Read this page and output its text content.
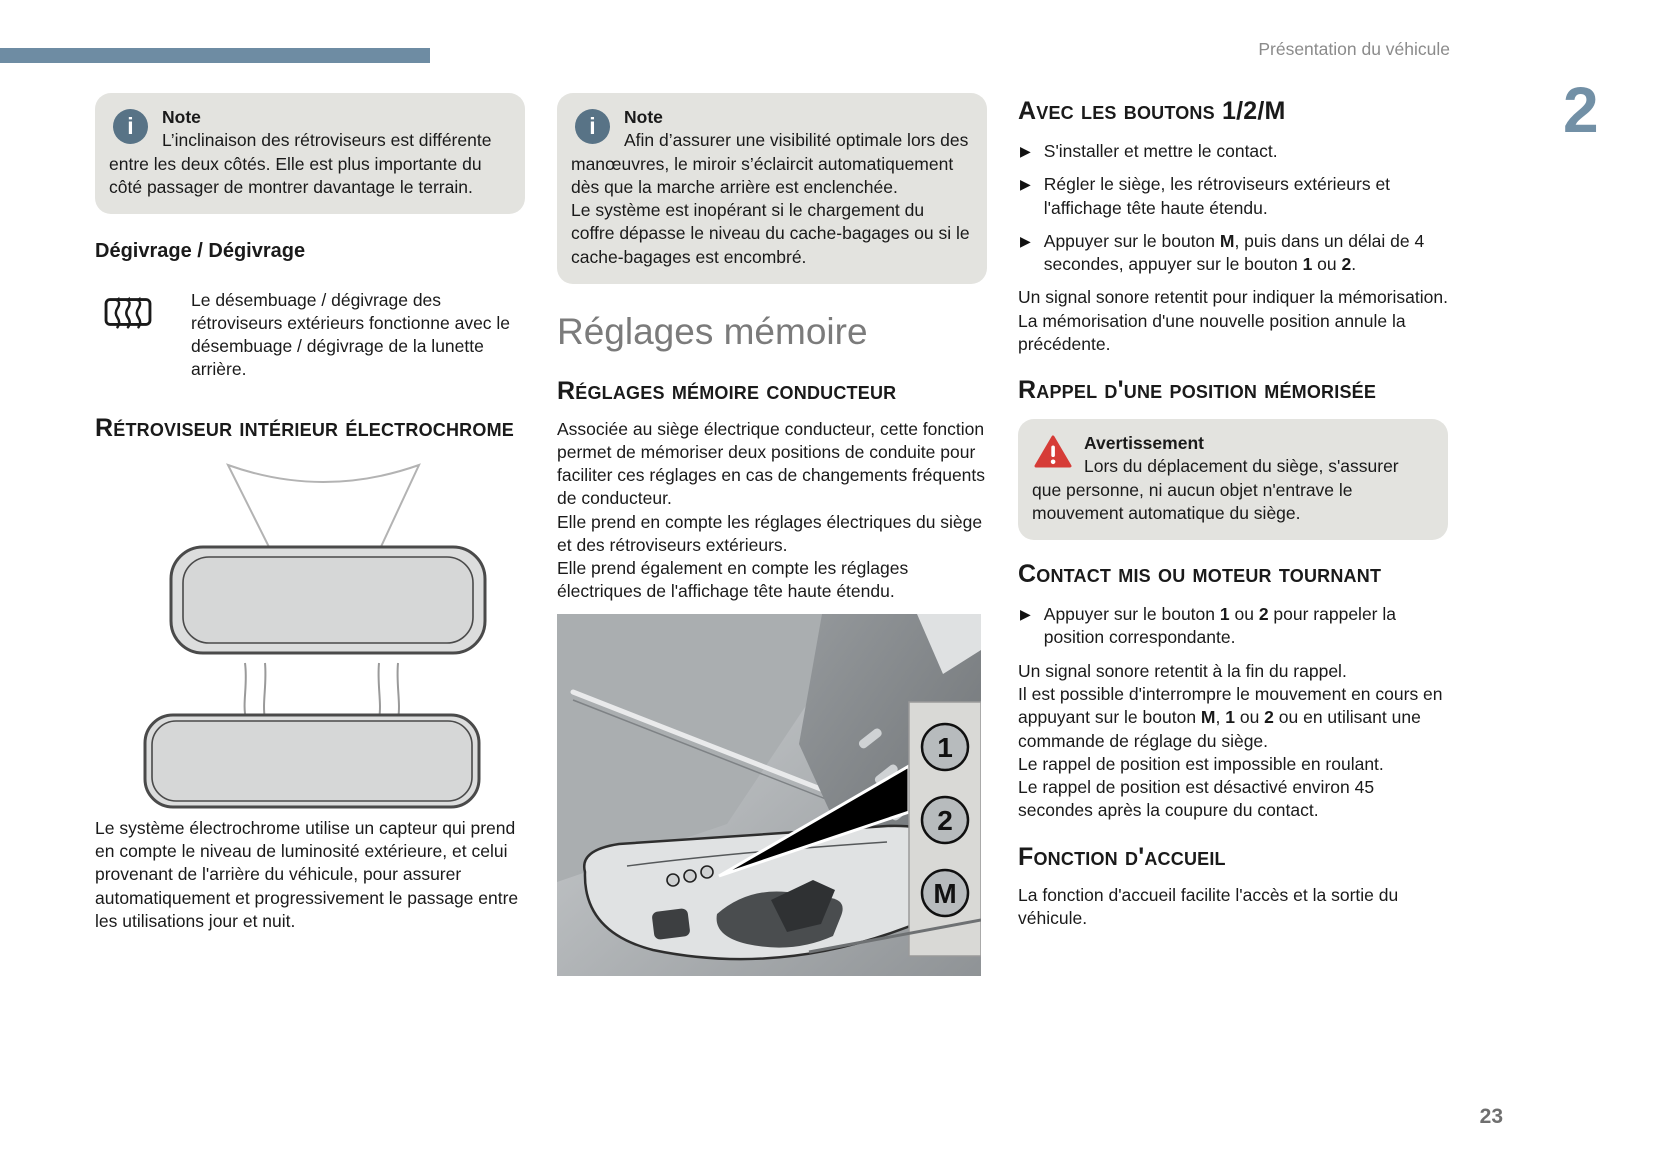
Présentation du véhicule
2
23
i	Note
L’inclinaison des rétroviseurs est différente entre les deux côtés. Elle est plus importante du côté passager de montrer davantage le terrain.
Dégivrage / Dégivrage
Le désembuage / dégivrage des rétroviseurs extérieurs fonctionne avec le désembuage / dégivrage de la lunette arrière.
Rétroviseur intérieur électrochrome
Le système électrochrome utilise un capteur qui prend en compte le niveau de luminosité extérieure, et celui provenant de l'arrière du véhicule, pour assurer automatiquement et progressivement le passage entre les utilisations jour et nuit.
i	Note
Afin d’assurer une visibilité optimale lors des manœuvres, le miroir s’éclaircit automatiquement dès que la marche arrière est enclenchée.
Le système est inopérant si le chargement du coffre dépasse le niveau du cache-bagages ou si le cache-bagages est encombré.
Réglages mémoire
Réglages mémoire conducteur
Associée au siège électrique conducteur, cette fonction permet de mémoriser deux positions de conduite pour faciliter ces réglages en cas de changements fréquents de conducteur.
Elle prend en compte les réglages électriques du siège et des rétroviseurs extérieurs.
Elle prend également en compte les réglages électriques de l'affichage tête haute étendu.
1
2
M
Avec les boutons 1/2/M
▶ S'installer et mettre le contact.
▶ Régler le siège, les rétroviseurs extérieurs et l'affichage tête haute étendu.
▶ Appuyer sur le bouton M, puis dans un délai de 4 secondes, appuyer sur le bouton 1 ou 2.
Un signal sonore retentit pour indiquer la mémorisation. La mémorisation d'une nouvelle position annule la précédente.
Rappel d'une position mémorisée
Avertissement
Lors du déplacement du siège, s'assurer que personne, ni aucun objet n'entrave le mouvement automatique du siège.
Contact mis ou moteur tournant
▶ Appuyer sur le bouton 1 ou 2 pour rappeler la position correspondante.
Un signal sonore retentit à la fin du rappel.
Il est possible d'interrompre le mouvement en cours en appuyant sur le bouton M, 1 ou 2 ou en utilisant une commande de réglage du siège.
Le rappel de position est impossible en roulant.
Le rappel de position est désactivé environ 45 secondes après la coupure du contact.
Fonction d'accueil
La fonction d'accueil facilite l'accès et la sortie du véhicule.
